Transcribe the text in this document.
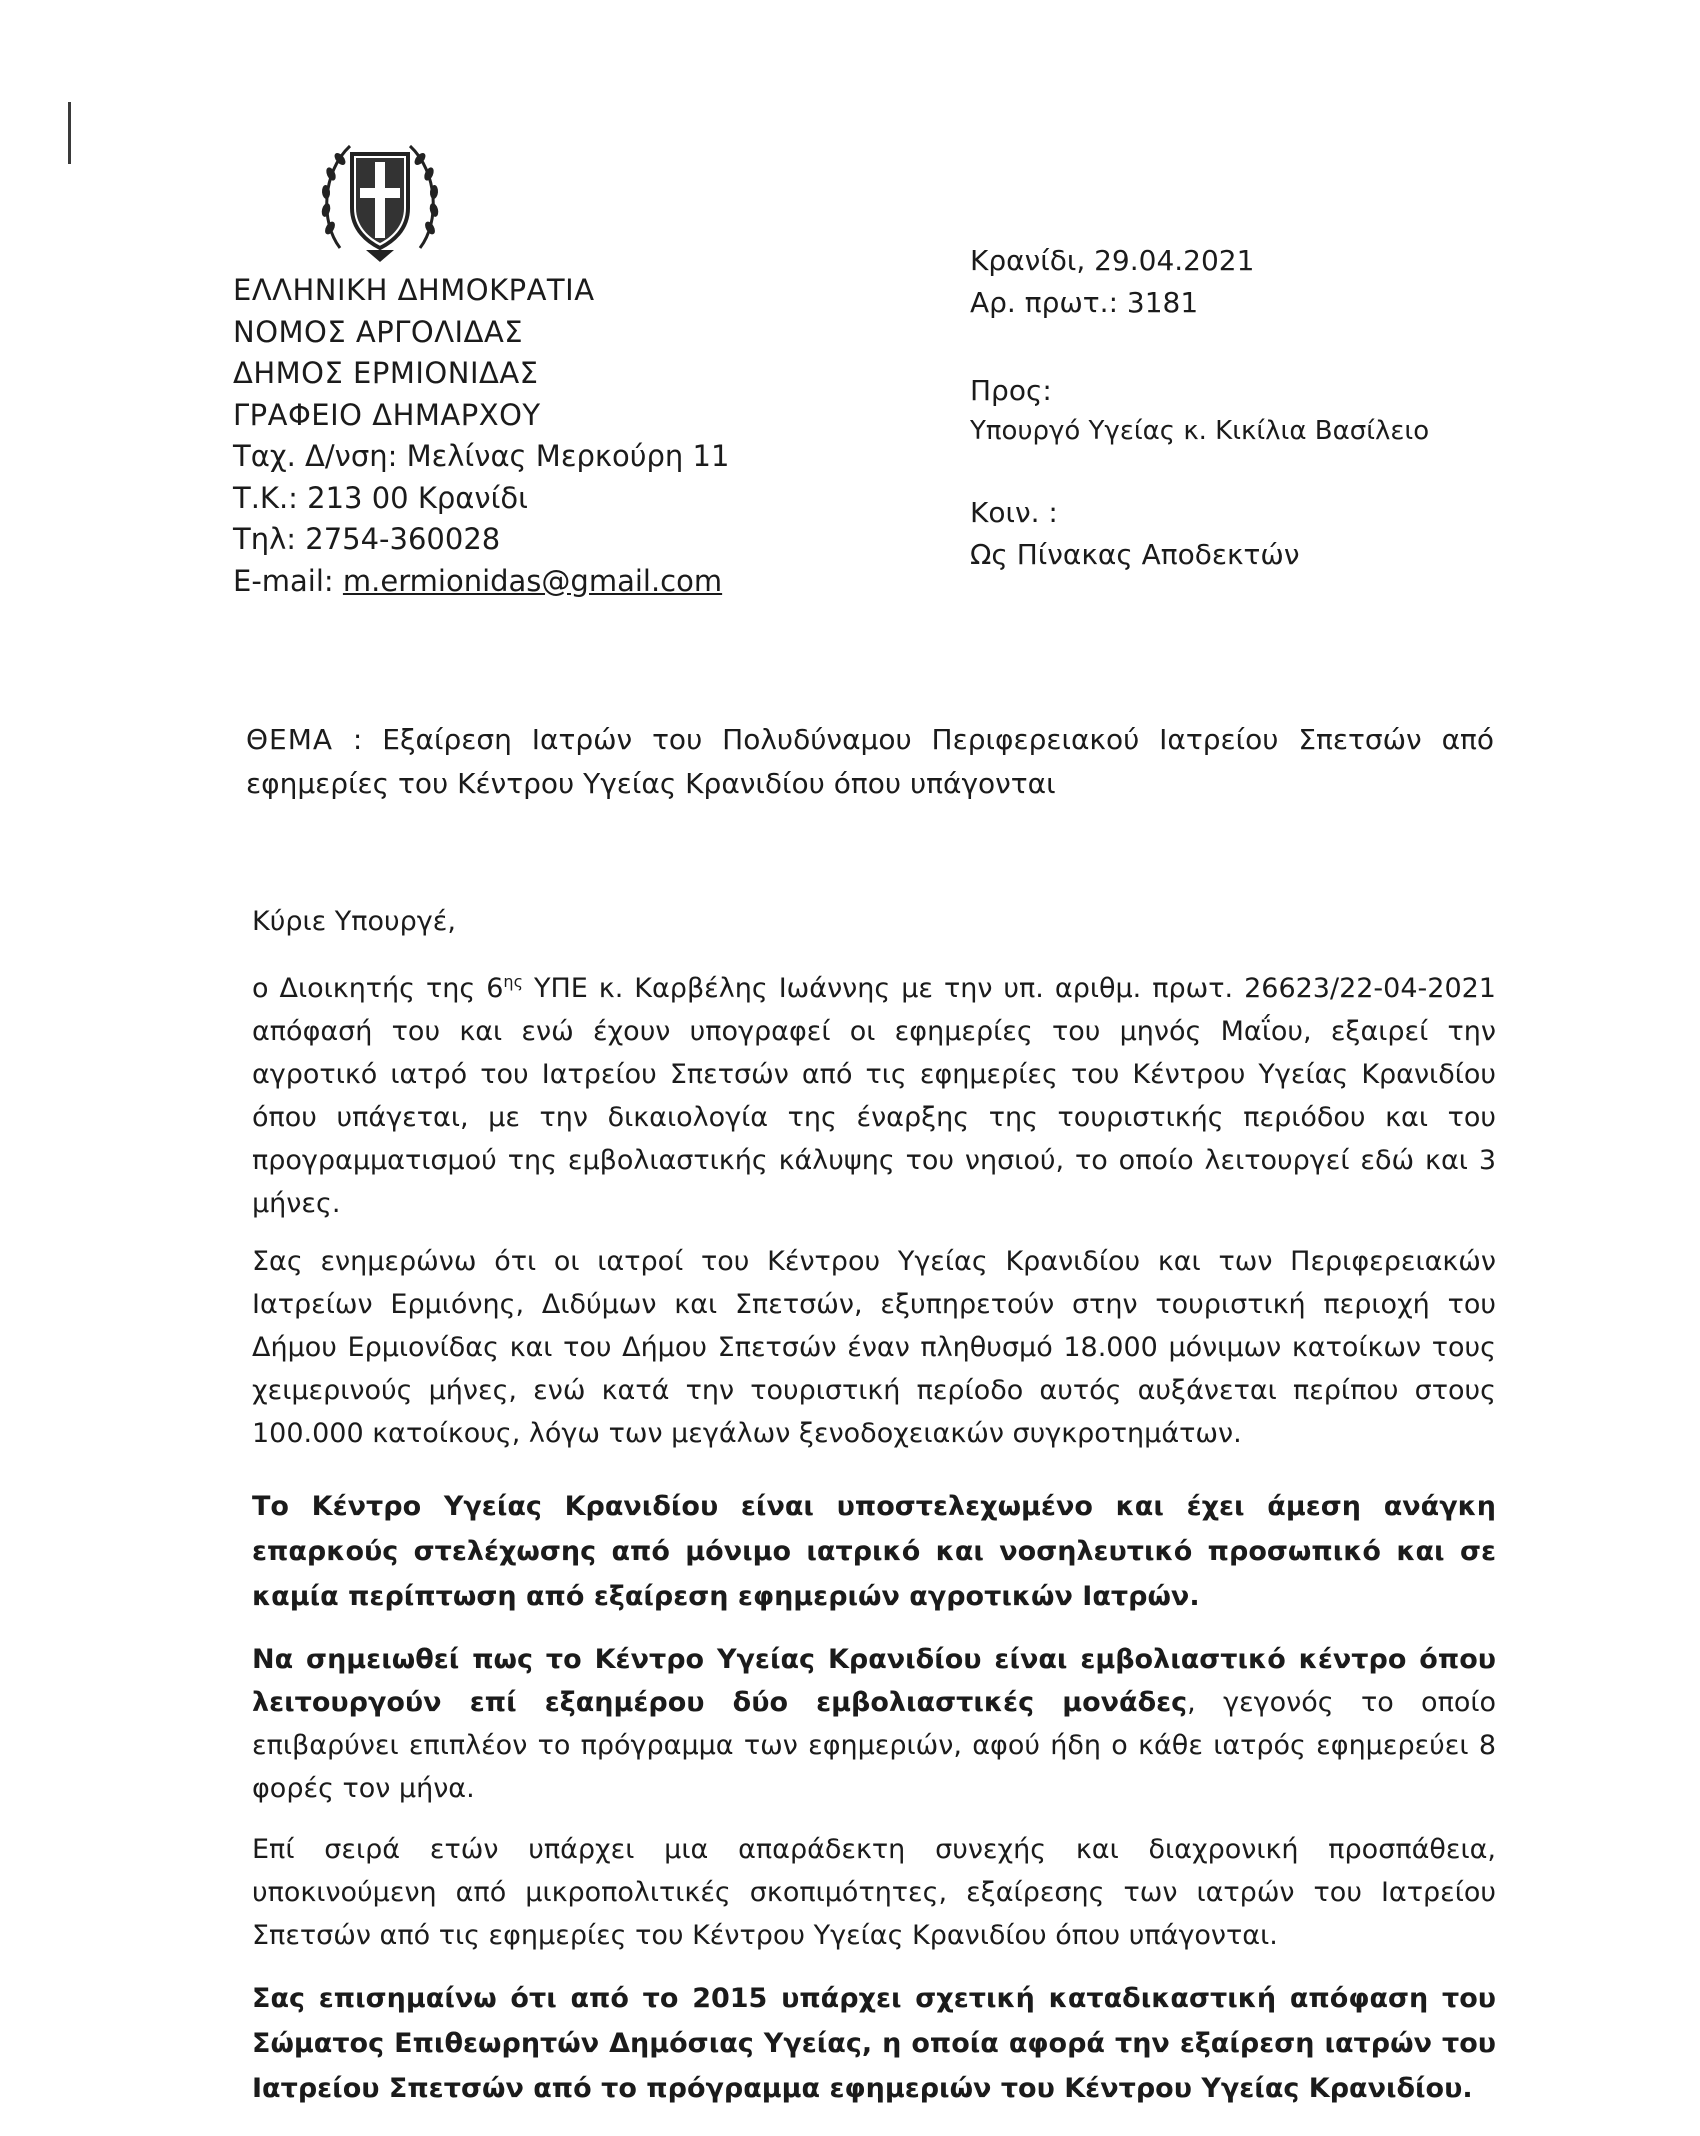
ΕΛΛΗΝΙΚΗ ΔΗΜΟΚΡΑΤΙΑ
ΝΟΜΟΣ ΑΡΓΟΛΙΔΑΣ
ΔΗΜΟΣ ΕΡΜΙΟΝΙΔΑΣ
ΓΡΑΦΕΙΟ ΔΗΜΑΡΧΟΥ
Ταχ. Δ/νση: Μελίνας Μερκούρη 11
Τ.Κ.: 213 00 Κρανίδι
Τηλ: 2754-360028
E-mail: m.ermionidas@gmail.com
Κρανίδι, 29.04.2021
Αρ. πρωτ.: 3181
Προς:
Υπουργό Υγείας κ. Κικίλια Βασίλειο
Κοιν. :
Ως Πίνακας Αποδεκτών
ΘΕΜΑ : Εξαίρεση Ιατρών του Πολυδύναμου Περιφερειακού Ιατρείου Σπετσών από εφημερίες του Κέντρου Υγείας Κρανιδίου όπου υπάγονται
Κύριε Υπουργέ,
ο Διοικητής της $6^{\eta\varsigma}$ ΥΠΕ κ. Καρβέλης Ιωάννης με την υπ. αριθμ. πρωτ. 26623/22-04-2021 απόφασή του και ενώ έχουν υπογραφεί οι εφημερίες του μηνός Μαΐου, εξαιρεί την αγροτικό ιατρό του Ιατρείου Σπετσών από τις εφημερίες του Κέντρου Υγείας Κρανιδίου όπου υπάγεται, με την δικαιολογία της έναρξης της τουριστικής περιόδου και του προγραμματισμού της εμβολιαστικής κάλυψης του νησιού, το οποίο λειτουργεί εδώ και 3 μήνες.
Σας ενημερώνω ότι οι ιατροί του Κέντρου Υγείας Κρανιδίου και των Περιφερειακών Ιατρείων Ερμιόνης, Διδύμων και Σπετσών, εξυπηρετούν στην τουριστική περιοχή του Δήμου Ερμιονίδας και του Δήμου Σπετσών έναν πληθυσμό 18.000 μόνιμων κατοίκων τους χειμερινούς μήνες, ενώ κατά την τουριστική περίοδο αυτός αυξάνεται περίπου στους 100.000 κατοίκους, λόγω των μεγάλων ξενοδοχειακών συγκροτημάτων.
Το Κέντρο Υγείας Κρανιδίου είναι υποστελεχωμένο και έχει άμεση ανάγκη επαρκούς στελέχωσης από μόνιμο ιατρικό και νοσηλευτικό προσωπικό και σε καμία περίπτωση από εξαίρεση εφημεριών αγροτικών Ιατρών.
Να σημειωθεί πως το Κέντρο Υγείας Κρανιδίου είναι εμβολιαστικό κέντρο όπου λειτουργούν επί εξαημέρου δύο εμβολιαστικές μονάδες, γεγονός το οποίο επιβαρύνει επιπλέον το πρόγραμμα των εφημεριών, αφού ήδη ο κάθε ιατρός εφημερεύει 8 φορές τον μήνα.
Επί σειρά ετών υπάρχει μια απαράδεκτη συνεχής και διαχρονική προσπάθεια, υποκινούμενη από μικροπολιτικές σκοπιμότητες, εξαίρεσης των ιατρών του Ιατρείου Σπετσών από τις εφημερίες του Κέντρου Υγείας Κρανιδίου όπου υπάγονται.
Σας επισημαίνω ότι από το 2015 υπάρχει σχετική καταδικαστική απόφαση του Σώματος Επιθεωρητών Δημόσιας Υγείας, η οποία αφορά την εξαίρεση ιατρών του Ιατρείου Σπετσών από το πρόγραμμα εφημεριών του Κέντρου Υγείας Κρανιδίου.
